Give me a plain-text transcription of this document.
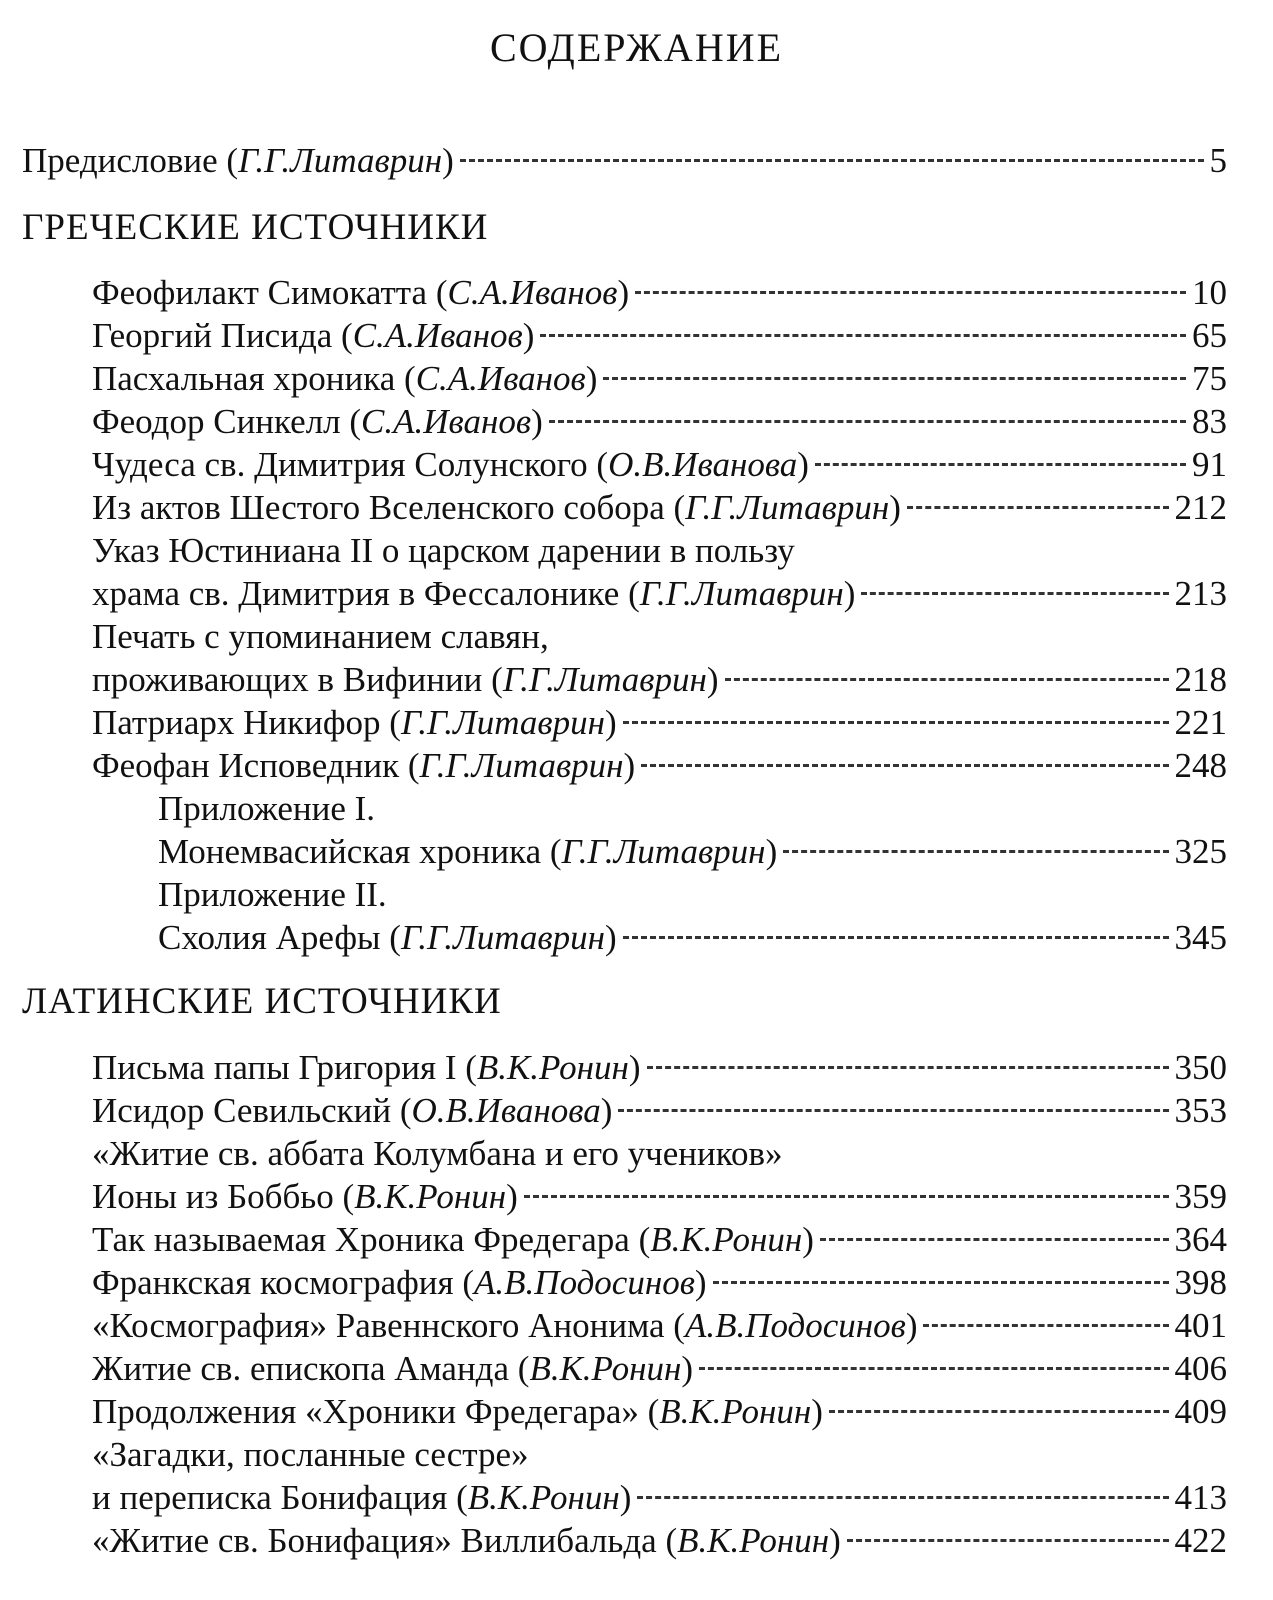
СОДЕРЖАНИЕ
Предисловие (Г.Г.Литаврин)	5
ГРЕЧЕСКИЕ ИСТОЧНИКИ
Феофилакт Симокатта (С.А.Иванов)	10
Георгий Писида (С.А.Иванов)	65
Пасхальная хроника (С.А.Иванов)	75
Феодор Синкелл (С.А.Иванов)	83
Чудеса св. Димитрия Солунского (О.В.Иванова)	91
Из актов Шестого Вселенского собора (Г.Г.Литаврин)	212
Указ Юстиниана II о царском дарении в пользу
храма св. Димитрия в Фессалонике (Г.Г.Литаврин)	213
Печать с упоминанием славян,
проживающих в Вифинии (Г.Г.Литаврин)	218
Патриарх Никифор (Г.Г.Литаврин)	221
Феофан Исповедник (Г.Г.Литаврин)	248
Приложение I.
Монемвасийская хроника (Г.Г.Литаврин)	325
Приложение II.
Схолия Арефы (Г.Г.Литаврин)	345
ЛАТИНСКИЕ ИСТОЧНИКИ
Письма папы Григория I (В.К.Ронин)	350
Исидор Севильский (О.В.Иванова)	353
«Житие св. аббата Колумбана и его учеников»
Ионы из Боббьо (В.К.Ронин)	359
Так называемая Хроника Фредегара (В.К.Ронин)	364
Франкская космография (А.В.Подосинов)	398
«Космография» Равеннского Анонима (А.В.Подосинов)	401
Житие св. епископа Аманда (В.К.Ронин)	406
Продолжения «Хроники Фредегара» (В.К.Ронин)	409
«Загадки, посланные сестре»
и переписка Бонифация (В.К.Ронин)	413
«Житие св. Бонифация» Виллибальда (В.К.Ронин)	422
